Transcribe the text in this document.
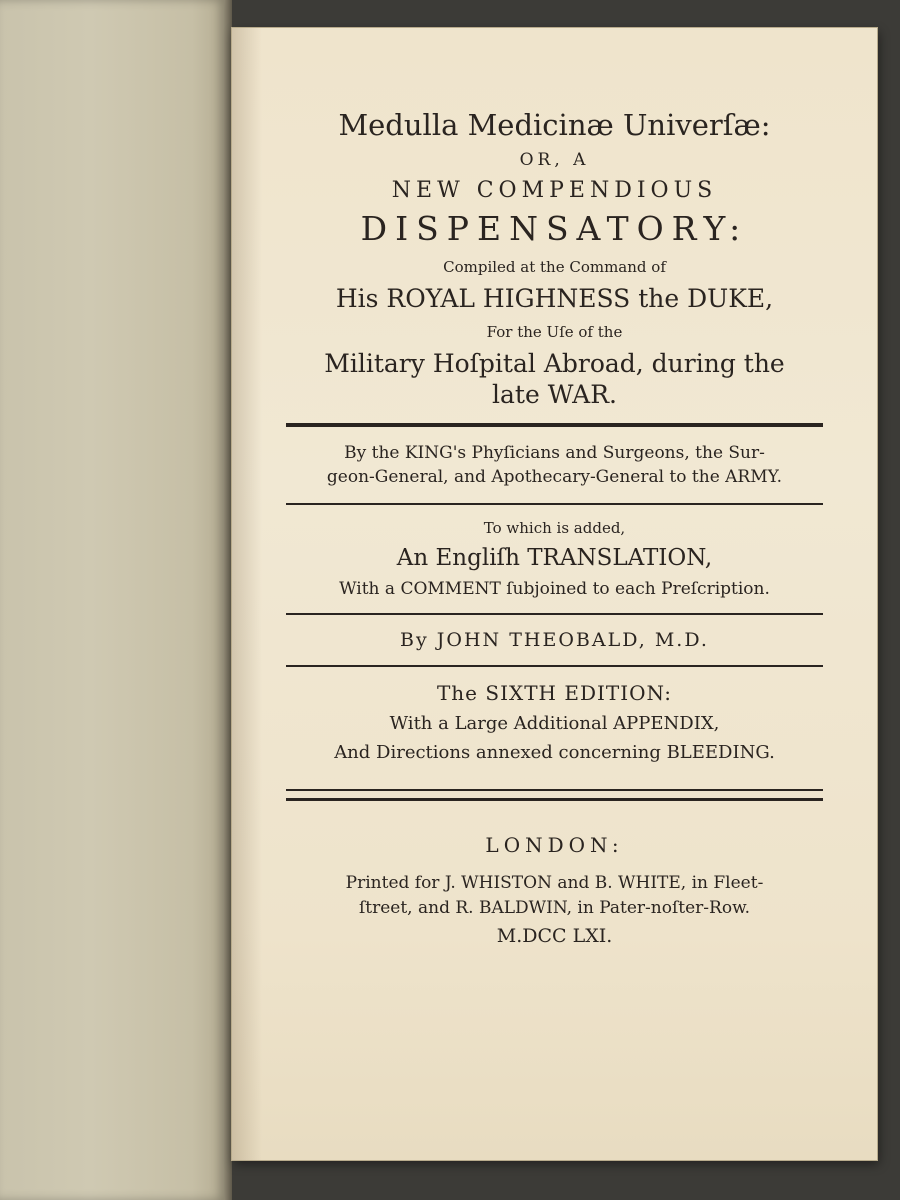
Medulla Medicinæ Univerſæ:
OR, A
NEW COMPENDIOUS
DISPENSATORY:
Compiled at the Command of
His ROYAL HIGHNESS the DUKE,
For the Uſe of the
Military Hoſpital Abroad, during the
late WAR.
By the KING's Phyſicians and Surgeons, the Sur-
geon-General, and Apothecary-General to the ARMY.
To which is added,
An Engliſh TRANSLATION,
With a COMMENT ſubjoined to each Preſcription.
By JOHN THEOBALD, M.D.
The SIXTH EDITION:
With a Large Additional APPENDIX,
And Directions annexed concerning BLEEDING.
LONDON:
Printed for J. WHISTON and B. WHITE, in Fleet-
ſtreet, and R. BALDWIN, in Pater-noſter-Row.
M.DCC LXI.
